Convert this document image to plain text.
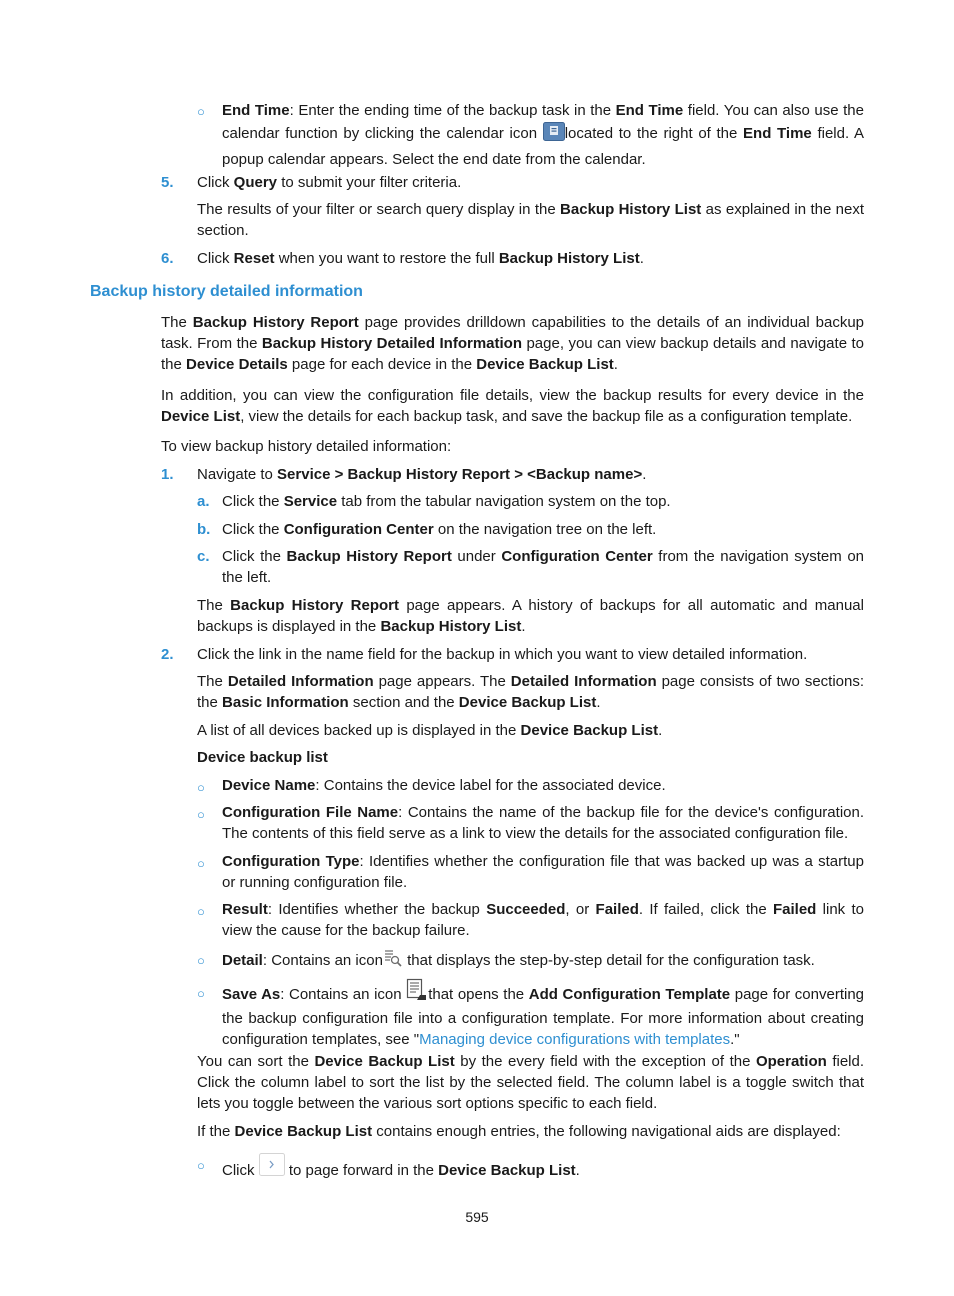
○ End Time: Enter the ending time of the backup task in the End Time field. You can also use the calendar function by clicking the calendar icon located to the right of the End Time field. A popup calendar appears. Select the end date from the calendar.

5. Click Query to submit your filter criteria.

The results of your filter or search query display in the Backup History List as explained in the next section.

6. Click Reset when you want to restore the full Backup History List.

Backup history detailed information

The Backup History Report page provides drilldown capabilities to the details of an individual backup task. From the Backup History Detailed Information page, you can view backup details and navigate to the Device Details page for each device in the Device Backup List.

In addition, you can view the configuration file details, view the backup results for every device in the Device List, view the details for each backup task, and save the backup file as a configuration template.

To view backup history detailed information:

1. Navigate to Service > Backup History Report > <Backup name>.

a. Click the Service tab from the tabular navigation system on the top.

b. Click the Configuration Center on the navigation tree on the left.

c. Click the Backup History Report under Configuration Center from the navigation system on the left.

The Backup History Report page appears. A history of backups for all automatic and manual backups is displayed in the Backup History List.

2. Click the link in the name field for the backup in which you want to view detailed information.

The Detailed Information page appears. The Detailed Information page consists of two sections: the Basic Information section and the Device Backup List.

A list of all devices backed up is displayed in the Device Backup List.

Device backup list

○ Device Name: Contains the device label for the associated device.

○ Configuration File Name: Contains the name of the backup file for the device's configuration. The contents of this field serve as a link to view the details for the associated configuration file.

○ Configuration Type: Identifies whether the configuration file that was backed up was a startup or running configuration file.

○ Result: Identifies whether the backup Succeeded, or Failed. If failed, click the Failed link to view the cause for the backup failure.

○ Detail: Contains an icon that displays the step-by-step detail for the configuration task.

○ Save As: Contains an icon that opens the Add Configuration Template page for converting the backup configuration file into a configuration template. For more information about creating configuration templates, see "Managing device configurations with templates."

You can sort the Device Backup List by the every field with the exception of the Operation field. Click the column label to sort the list by the selected field. The column label is a toggle switch that lets you toggle between the various sort options specific to each field.

If the Device Backup List contains enough entries, the following navigational aids are displayed:

○ Click  to page forward in the Device Backup List.

595
